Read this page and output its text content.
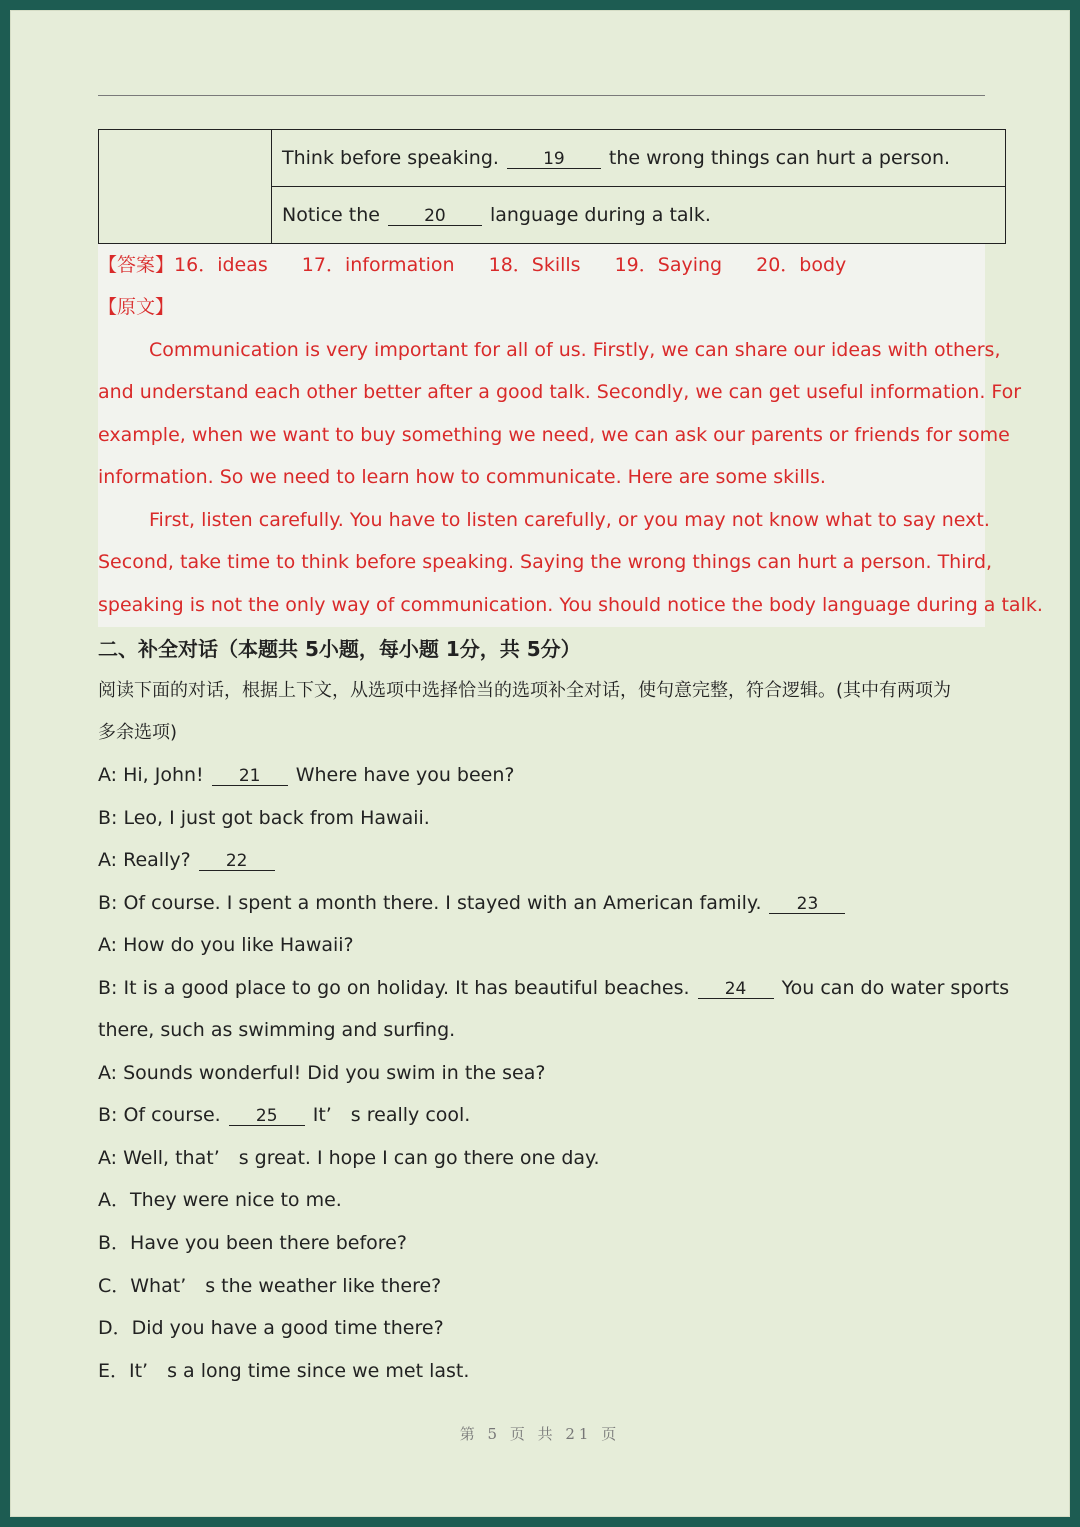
	Think before speaking.	19 the wrong things can hurt a person.
Notice the	20 language during a talk.
【答案】16．ideas 17．information 18．Skills 19．Saying 20．body
【原文】
Communication is very important for all of us. Firstly, we can share our ideas with others,
and understand each other better after a good talk. Secondly, we can get useful information. For
example, when we want to buy something we need, we can ask our parents or friends for some
information. So we need to learn how to communicate. Here are some skills.
First, listen carefully. You have to listen carefully, or you may not know what to say next.
Second, take time to think before speaking. Saying the wrong things can hurt a person. Third,
speaking is not the only way of communication. You should notice the body language during a talk.
二、补全对话（本题共 5小题，每小题 1分，共 5分）
阅读下面的对话，根据上下文，从选项中选择恰当的选项补全对话，使句意完整，符合逻辑。(其中有两项为
多余选项)
A: Hi, John! 21 Where have you been?
B: Leo, I just got back from Hawaii.
A: Really? 22
B: Of course. I spent a month there. I stayed with an American family. 23
A: How do you like Hawaii?
B: It is a good place to go on holiday. It has beautiful beaches. 24 You can do water sports
there, such as swimming and surfing.
A: Sounds wonderful! Did you swim in the sea?
B: Of course. 25 It’　s really cool.
A: Well, that’　s great. I hope I can go there one day.
A．They were nice to me.
B．Have you been there before?
C．What’　s the weather like there?
D．Did you have a good time there?
E．It’　s a long time since we met last.
第 5 页 共 21 页
